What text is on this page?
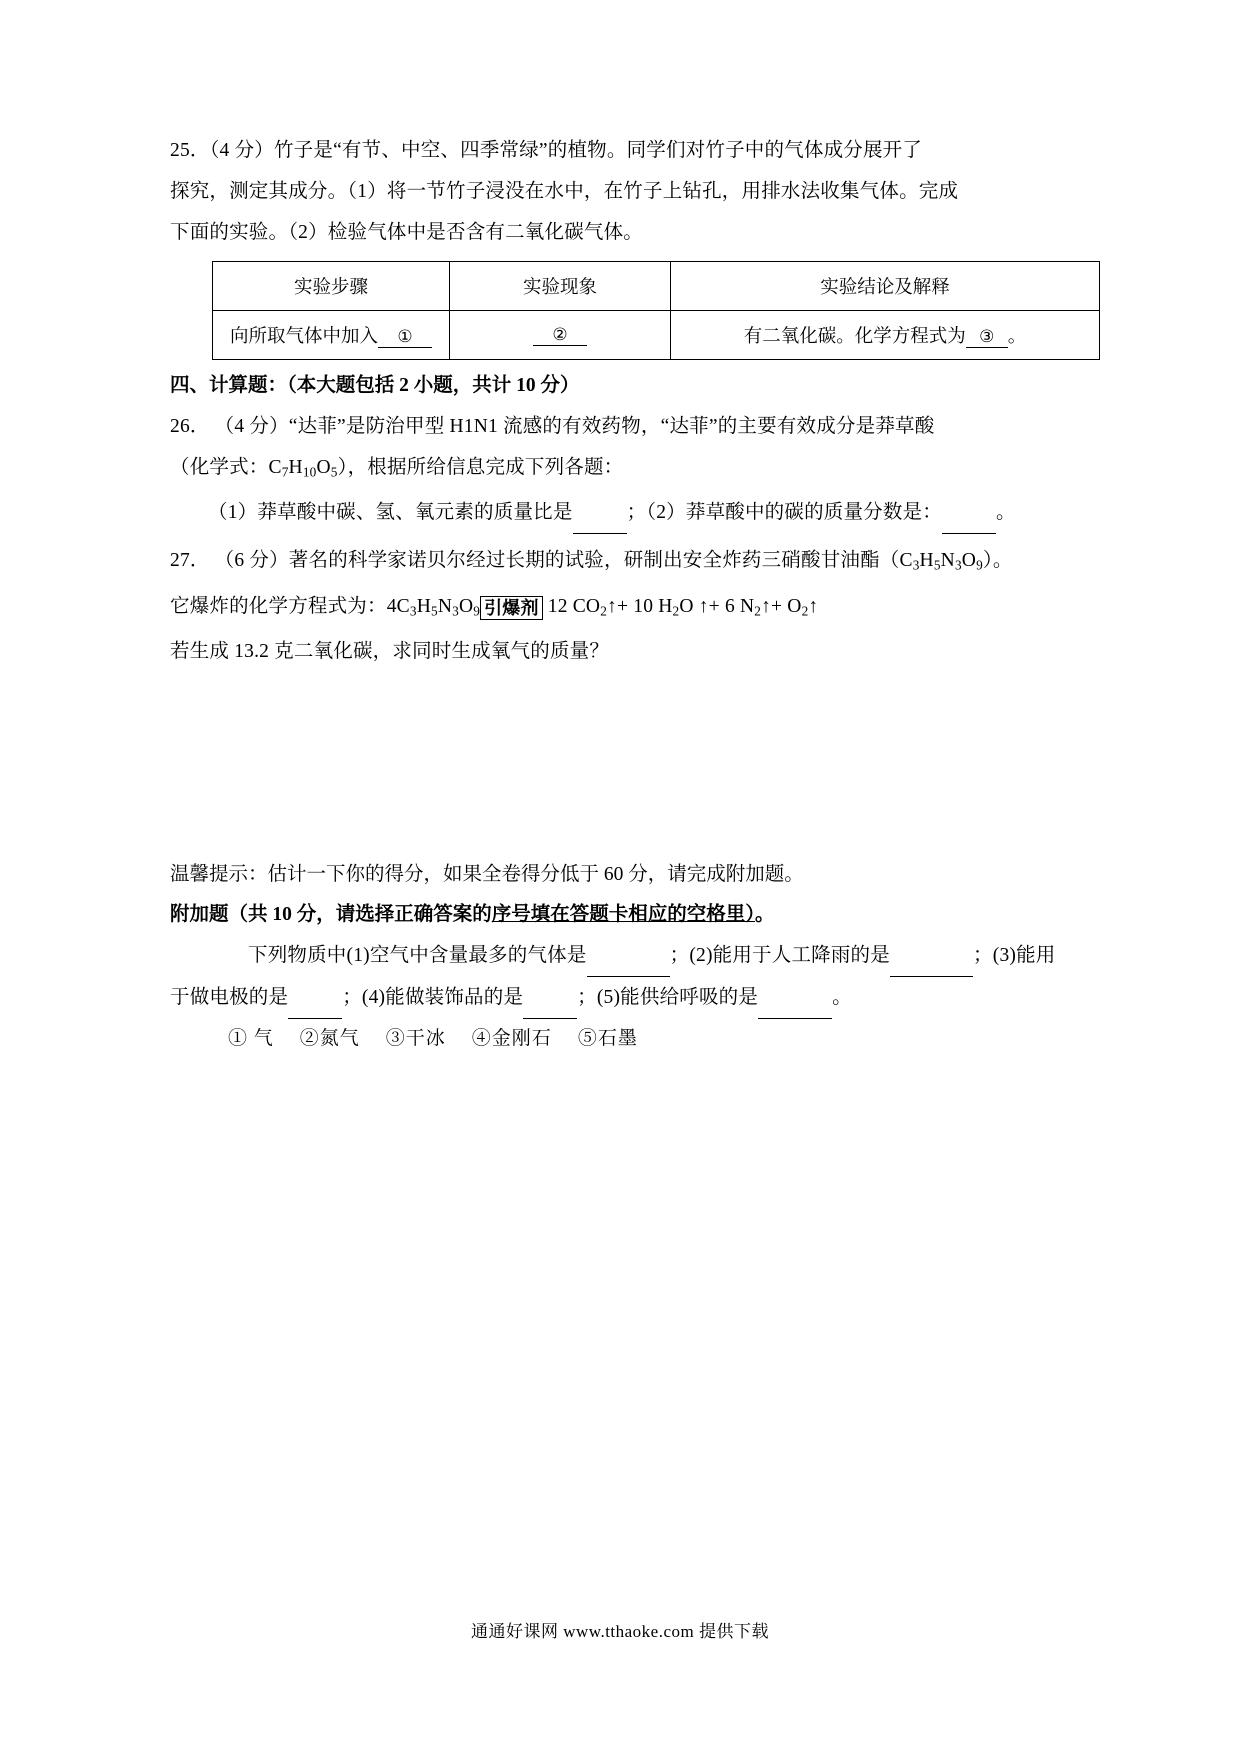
25．（4 分）竹子是“有节、中空、四季常绿”的植物。同学们对竹子中的气体成分展开了
探究，测定其成分。（1）将一节竹子浸没在水中，在竹子上钻孔，用排水法收集气体。完成
下面的实验。（2）检验气体中是否含有二氧化碳气体。
实验步骤	实验现象	实验结论及解释
向所取气体中加入 ①	②	有二氧化碳。化学方程式为 ③ 。
四、计算题：（本大题包括 2 小题，共计 10 分）
26． （4 分）“达菲”是防治甲型 H1N1 流感的有效药物，“达菲”的主要有效成分是莽草酸
（化学式：$C_7H_{10}O_5$），根据所给信息完成下列各题：
（1）莽草酸中碳、氢、氧元素的质量比是	；（2）莽草酸中的碳的质量分数是：	。
27． （6 分）著名的科学家诺贝尔经过长期的试验，研制出安全炸药三硝酸甘油酯$(C_3H_5N_3O_9)$。
它爆炸的化学方程式为：$4C_3H_5N_3O_9$ 引爆剂 12 $CO_2↑+ 10$ $H_2O$ ↑+ 6 $N_2↑+$ $O_2↑$
若生成 13.2 克二氧化碳，求同时生成氧气的质量？
温馨提示：估计一下你的得分，如果全卷得分低于 60 分，请完成附加题。
附加题（共 10 分，请选择正确答案的序号填在答题卡相应的空格里）。
下列物质中(1)空气中含量最多的气体是	；(2)能用于人工降雨的是	；(3)能用
于做电极的是	；(4)能做装饰品的是	；(5)能供给呼吸的是	。
① 气 ②氮气 ③干冰 ④金刚石 ⑤石墨
通通好课网 www.tthaoke.com 提供下载
